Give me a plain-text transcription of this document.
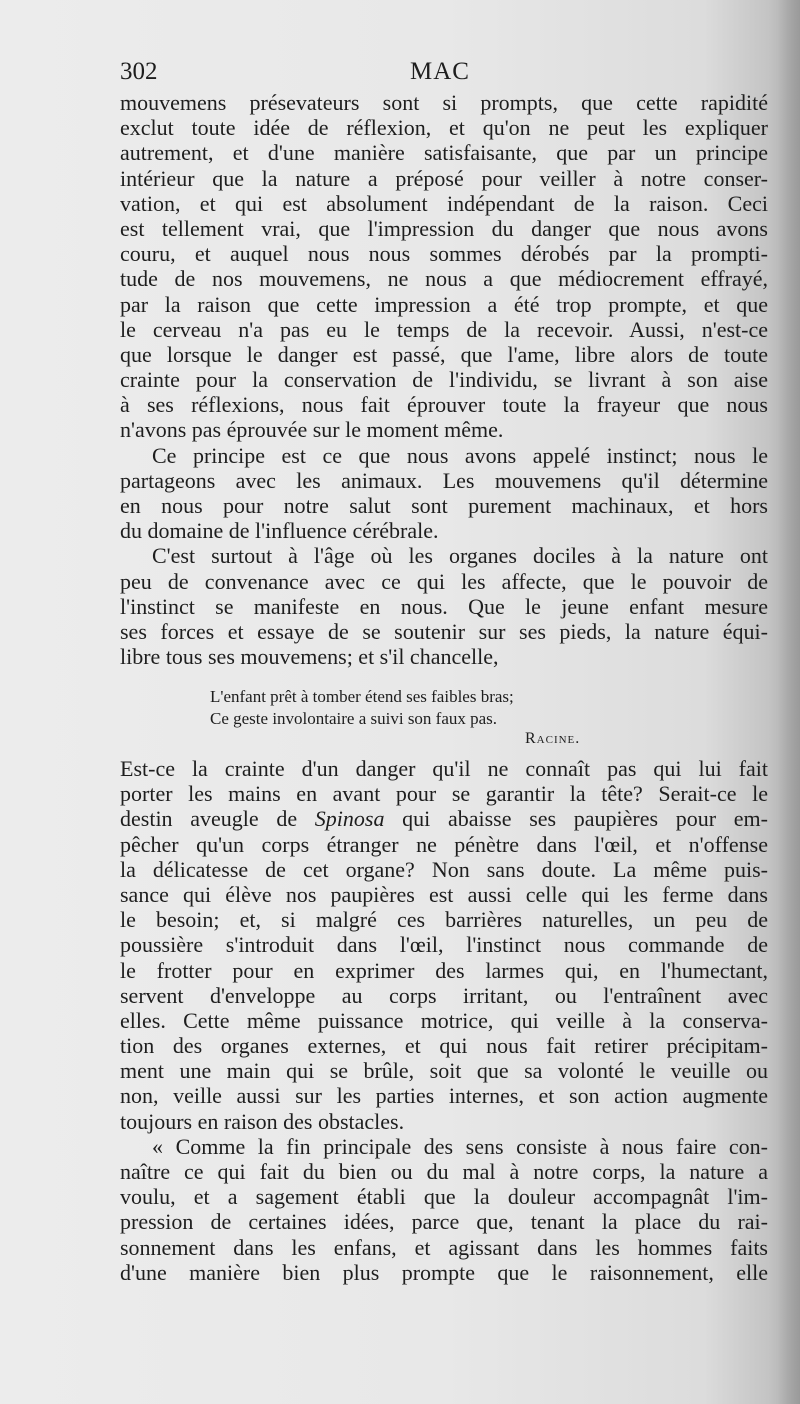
302	MAC
mouvemens présevateurs sont si prompts, que cette rapidité
exclut toute idée de réflexion, et qu'on ne peut les expliquer
autrement, et d'une manière satisfaisante, que par un principe
intérieur que la nature a préposé pour veiller à notre conser-
vation, et qui est absolument indépendant de la raison. Ceci
est tellement vrai, que l'impression du danger que nous avons
couru, et auquel nous nous sommes dérobés par la prompti-
tude de nos mouvemens, ne nous a que médiocrement effrayé,
par la raison que cette impression a été trop prompte, et que
le cerveau n'a pas eu le temps de la recevoir. Aussi, n'est-ce
que lorsque le danger est passé, que l'ame, libre alors de toute
crainte pour la conservation de l'individu, se livrant à son aise
à ses réflexions, nous fait éprouver toute la frayeur que nous
n'avons pas éprouvée sur le moment même.
Ce principe est ce que nous avons appelé instinct; nous le
partageons avec les animaux. Les mouvemens qu'il détermine
en nous pour notre salut sont purement machinaux, et hors
du domaine de l'influence cérébrale.
C'est surtout à l'âge où les organes dociles à la nature ont
peu de convenance avec ce qui les affecte, que le pouvoir de
l'instinct se manifeste en nous. Que le jeune enfant mesure
ses forces et essaye de se soutenir sur ses pieds, la nature équi-
libre tous ses mouvemens; et s'il chancelle,
L'enfant prêt à tomber étend ses faibles bras;
Ce geste involontaire a suivi son faux pas.
Racine.
Est-ce la crainte d'un danger qu'il ne connaît pas qui lui fait
porter les mains en avant pour se garantir la tête? Serait-ce le
destin aveugle de Spinosa qui abaisse ses paupières pour em-
pêcher qu'un corps étranger ne pénètre dans l'œil, et n'offense
la délicatesse de cet organe? Non sans doute. La même puis-
sance qui élève nos paupières est aussi celle qui les ferme dans
le besoin; et, si malgré ces barrières naturelles, un peu de
poussière s'introduit dans l'œil, l'instinct nous commande de
le frotter pour en exprimer des larmes qui, en l'humectant,
servent d'enveloppe au corps irritant, ou l'entraînent avec
elles. Cette même puissance motrice, qui veille à la conserva-
tion des organes externes, et qui nous fait retirer précipitam-
ment une main qui se brûle, soit que sa volonté le veuille ou
non, veille aussi sur les parties internes, et son action augmente
toujours en raison des obstacles.
« Comme la fin principale des sens consiste à nous faire con-
naître ce qui fait du bien ou du mal à notre corps, la nature a
voulu, et a sagement établi que la douleur accompagnât l'im-
pression de certaines idées, parce que, tenant la place du rai-
sonnement dans les enfans, et agissant dans les hommes faits
d'une manière bien plus prompte que le raisonnement, elle
